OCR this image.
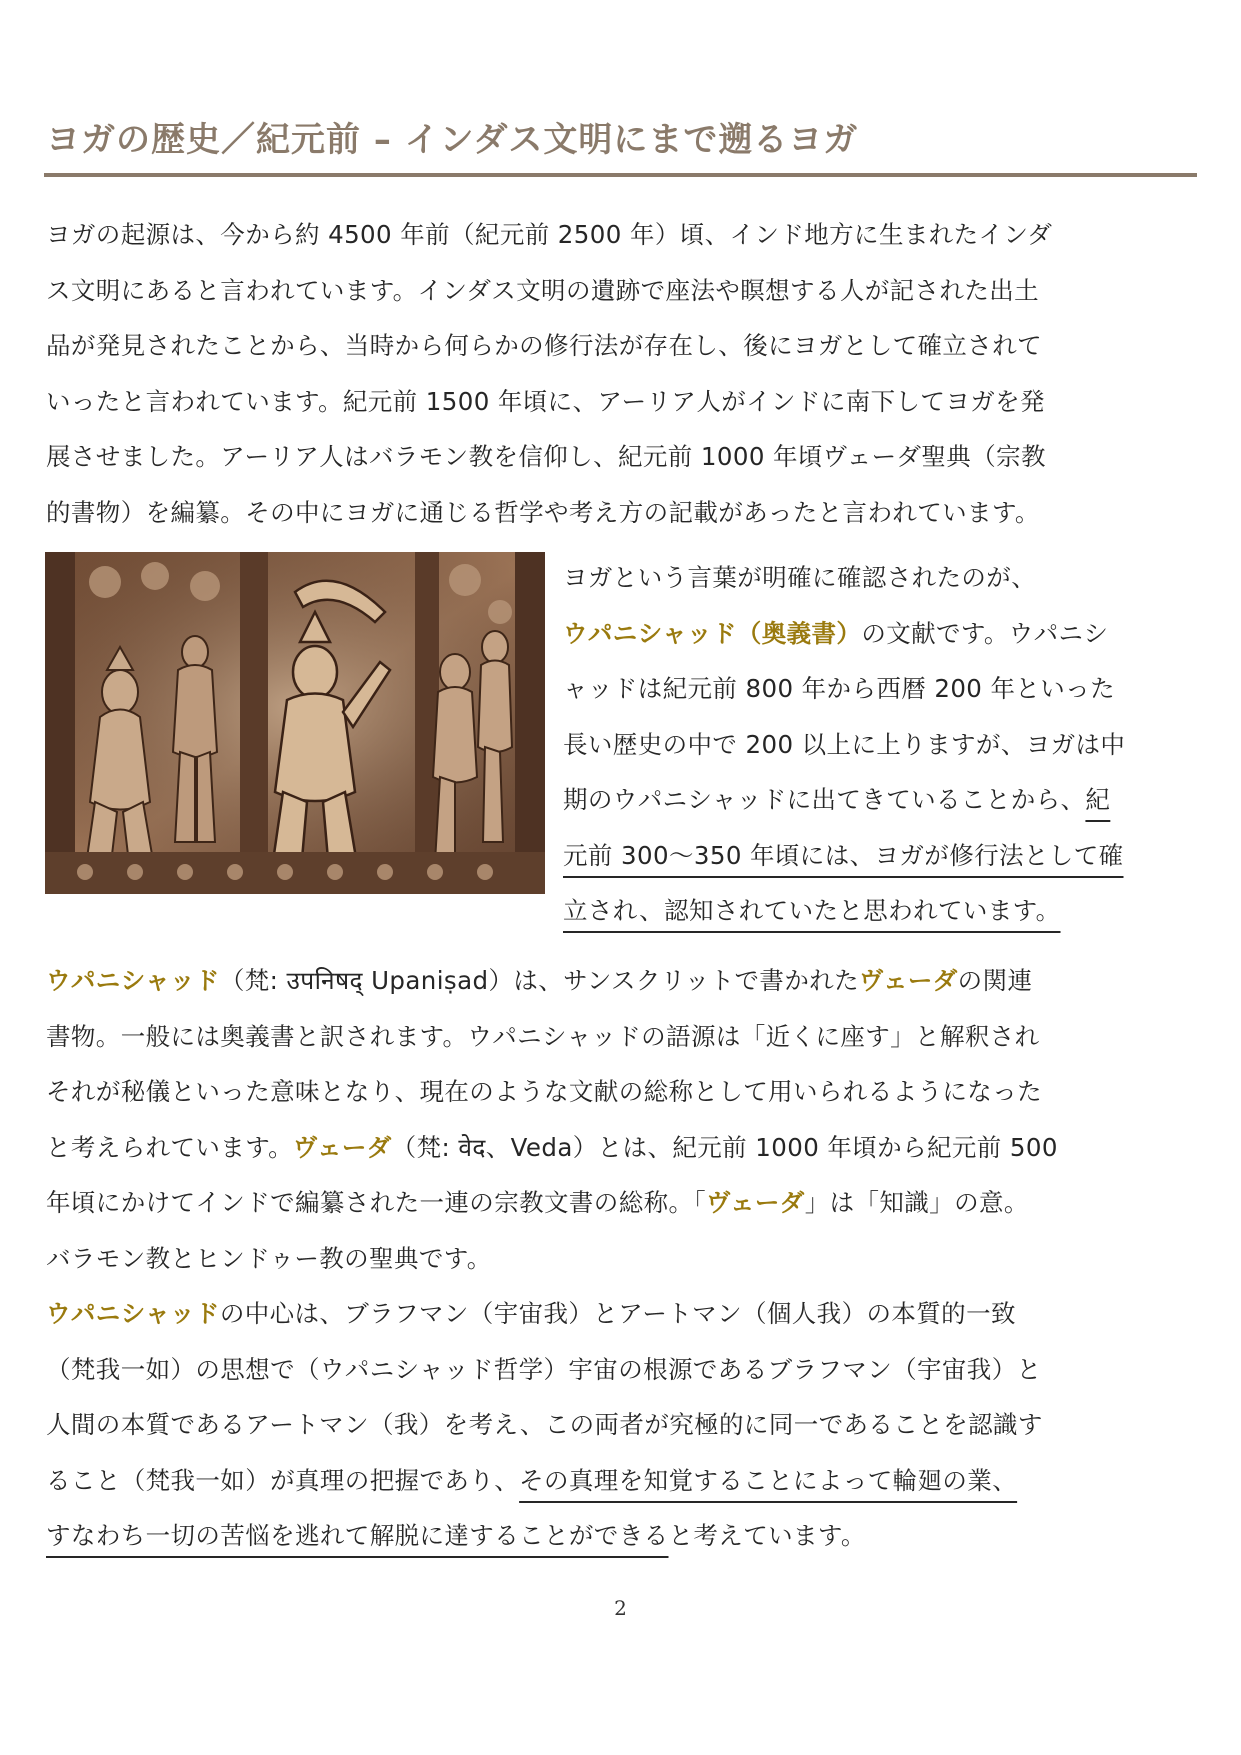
ヨガの歴史／紀元前 – インダス文明にまで遡るヨガ
ヨガの起源は、今から約 4500 年前（紀元前 2500 年）頃、インド地方に生まれたインダ
ス文明にあると言われています。インダス文明の遺跡で座法や瞑想する人が記された出土
品が発見されたことから、当時から何らかの修行法が存在し、後にヨガとして確立されて
いったと言われています。紀元前 1500 年頃に、アーリア人がインドに南下してヨガを発
展させました。アーリア人はバラモン教を信仰し、紀元前 1000 年頃ヴェーダ聖典（宗教
的書物）を編纂。その中にヨガに通じる哲学や考え方の記載があったと言われています。
ヨガという言葉が明確に確認されたのが、
ウパニシャッド（奥義書）の文献です。ウパニシ
ャッドは紀元前 800 年から西暦 200 年といった
長い歴史の中で 200 以上に上りますが、ヨガは中
期のウパニシャッドに出てきていることから、紀
元前 300～350 年頃には、ヨガが修行法として確
立され、認知されていたと思われています。
ウパニシャッド（梵: उपनिषद् Upaniṣad）は、サンスクリットで書かれたヴェーダの関連
書物。一般には奥義書と訳されます。ウパニシャッドの語源は「近くに座す」と解釈され
それが秘儀といった意味となり、現在のような文献の総称として用いられるようになった
と考えられています。ヴェーダ（梵: वेद、Veda）とは、紀元前 1000 年頃から紀元前 500
年頃にかけてインドで編纂された一連の宗教文書の総称。「ヴェーダ」は「知識」の意。
バラモン教とヒンドゥー教の聖典です。
ウパニシャッドの中心は、ブラフマン（宇宙我）とアートマン（個人我）の本質的一致
（梵我一如）の思想で（ウパニシャッド哲学）宇宙の根源であるブラフマン（宇宙我）と
人間の本質であるアートマン（我）を考え、この両者が究極的に同一であることを認識す
ること（梵我一如）が真理の把握であり、その真理を知覚することによって輪廻の業、
すなわち一切の苦悩を逃れて解脱に達することができると考えています。
2
